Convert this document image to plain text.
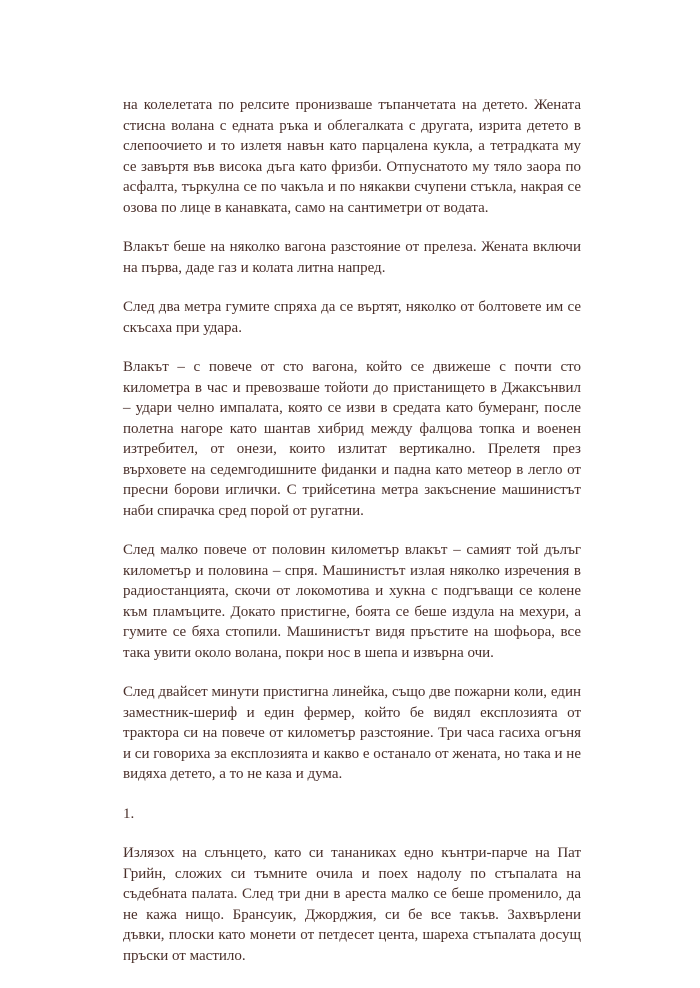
на колелетата по релсите пронизваше тъпанчетата на детето. Жената стисна волана с едната ръка и облегалката с другата, изрита детето в слепоочието и то излетя навън като парцалена кукла, а тетрадката му се завъртя във висока дъга като фризби. Отпуснатото му тяло заора по асфалта, търкулна се по чакъла и по някакви счупени стъкла, накрая се озова по лице в канавката, само на сантиметри от водата.

Влакът беше на няколко вагона разстояние от прелеза. Жената включи на първа, даде газ и колата литна напред.

След два метра гумите спряха да се въртят, няколко от болтовете им се скъсаха при удара.

Влакът – с повече от сто вагона, който се движеше с почти сто километра в час и превозваше тойоти до пристанището в Джаксънвил – удари челно импалата, която се изви в средата като бумеранг, после полетна нагоре като шантав хибрид между фалцова топка и военен изтребител, от онези, които излитат вертикално. Прелетя през върховете на седемгодишните фиданки и падна като метеор в легло от пресни борови иглички. С трийсетина метра закъснение машинистът наби спирачка сред порой от ругатни.

След малко повече от половин километър влакът – самият той дълъг километър и половина – спря. Машинистът излая няколко изречения в радиостанцията, скочи от локомотива и хукна с подгъващи се колене към пламъците. Докато пристигне, боята се беше издула на мехури, а гумите се бяха стопили. Машинистът видя пръстите на шофьора, все така увити около волана, покри нос в шепа и извърна очи.

След двайсет минути пристигна линейка, също две пожарни коли, един заместник-шериф и един фермер, който бе видял експлозията от трактора си на повече от километър разстояние. Три часа гасиха огъня и си говориха за експлозията и какво е останало от жената, но така и не видяха детето, а то не каза и дума.

1.

Излязох на слънцето, като си тананиках едно кънтри-парче на Пат Грийн, сложих си тъмните очила и поех надолу по стъпалата на съдебната палата. След три дни в ареста малко се беше променило, да не кажа нищо. Брансуик, Джорджия, си бе все такъв. Захвърлени дъвки, плоски като монети от петдесет цента, шареха стъпалата досущ пръски от мастило.
